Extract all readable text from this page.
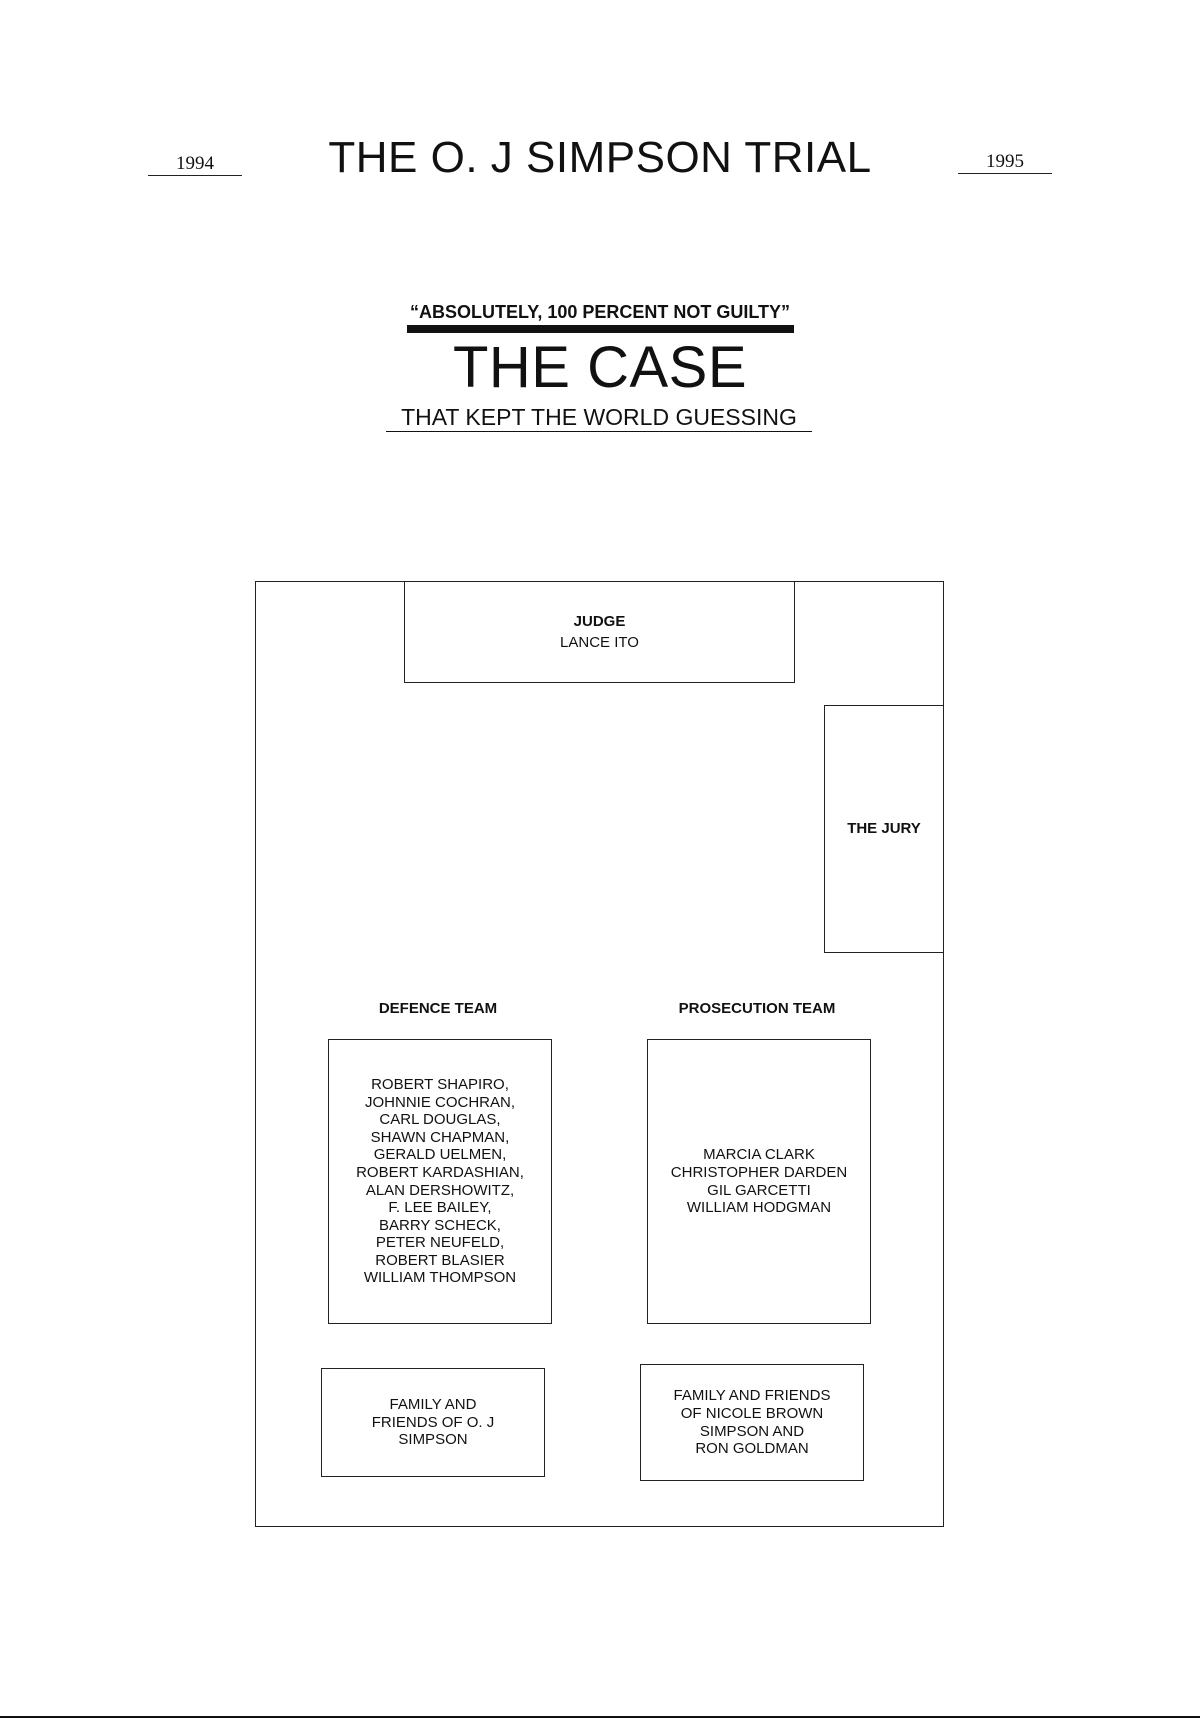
1994	THE O. J SIMPSON TRIAL	1995
“ABSOLUTELY, 100 PERCENT NOT GUILTY”
THE CASE
THAT KEPT THE WORLD GUESSING
JUDGE
LANCE ITO
THE JURY
DEFENCE TEAM	PROSECUTION TEAM
ROBERT SHAPIRO,
JOHNNIE COCHRAN,
CARL DOUGLAS,
SHAWN CHAPMAN,
GERALD UELMEN,
ROBERT KARDASHIAN,
ALAN DERSHOWITZ,
F. LEE BAILEY,
BARRY SCHECK,
PETER NEUFELD,
ROBERT BLASIER
WILLIAM THOMPSON
MARCIA CLARK
CHRISTOPHER DARDEN
GIL GARCETTI
WILLIAM HODGMAN
FAMILY AND
FRIENDS OF O. J
SIMPSON
FAMILY AND FRIENDS
OF NICOLE BROWN
SIMPSON AND
RON GOLDMAN
